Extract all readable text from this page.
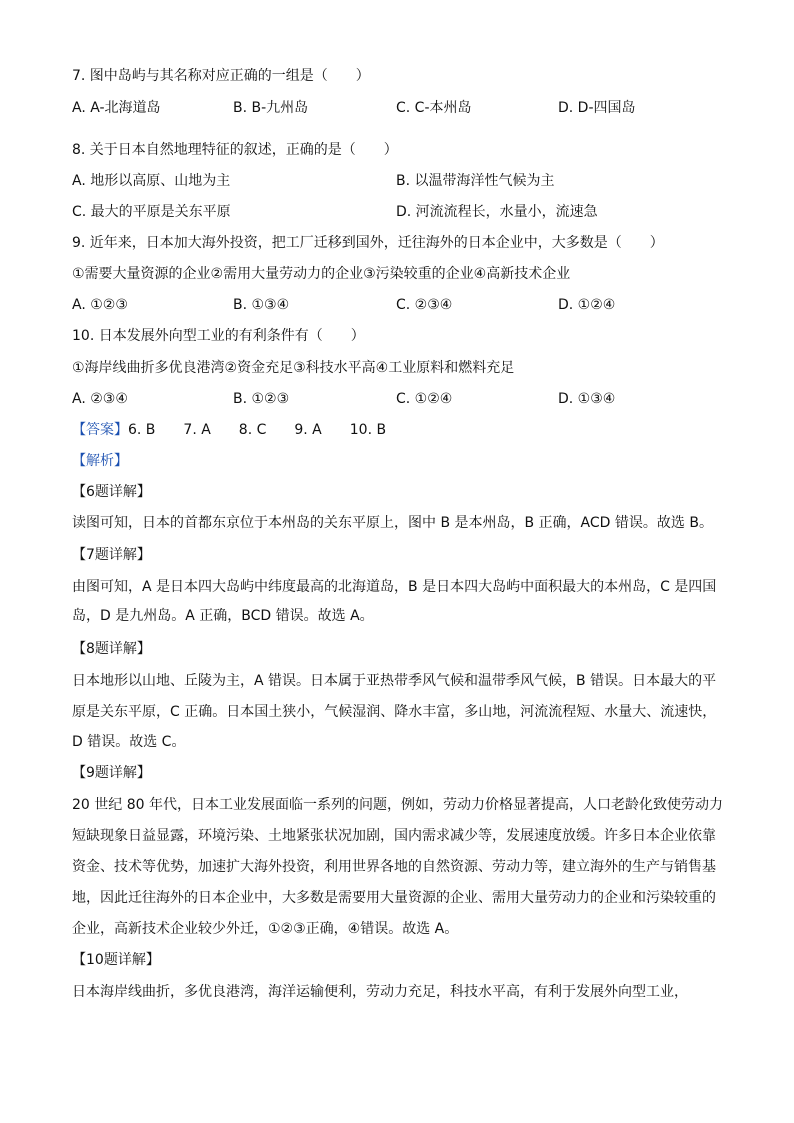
7. 图中岛屿与其名称对应正确的一组是（　　）
A. A-北海道岛	B. B-九州岛	C. C-本州岛	D. D-四国岛
8. 关于日本自然地理特征的叙述，正确的是（　　）
A. 地形以高原、山地为主	B. 以温带海洋性气候为主
C. 最大的平原是关东平原	D. 河流流程长，水量小，流速急
9. 近年来，日本加大海外投资，把工厂迁移到国外，迁往海外的日本企业中，大多数是（　　）
①需要大量资源的企业②需用大量劳动力的企业③污染较重的企业④高新技术企业
A. ①②③	B. ①③④	C. ②③④	D. ①②④
10. 日本发展外向型工业的有利条件有（　　）
①海岸线曲折多优良港湾②资金充足③科技水平高④工业原料和燃料充足
A. ②③④	B. ①②③	C. ①②④	D. ①③④
【答案】6. B　　7. A　　8. C　　9. A　　10. B
【解析】
【6题详解】
读图可知，日本的首都东京位于本州岛的关东平原上，图中 B 是本州岛，B 正确，ACD 错误。故选 B。
【7题详解】
由图可知，A 是日本四大岛屿中纬度最高的北海道岛，B 是日本四大岛屿中面积最大的本州岛，C 是四国
岛，D 是九州岛。A 正确，BCD 错误。故选 A。
【8题详解】
日本地形以山地、丘陵为主，A 错误。日本属于亚热带季风气候和温带季风气候，B 错误。日本最大的平
原是关东平原，C 正确。日本国土狭小，气候湿润、降水丰富，多山地，河流流程短、水量大、流速快，
D 错误。故选 C。
【9题详解】
20 世纪 80 年代，日本工业发展面临一系列的问题，例如，劳动力价格显著提高，人口老龄化致使劳动力
短缺现象日益显露，环境污染、土地紧张状况加剧，国内需求减少等，发展速度放缓。许多日本企业依靠
资金、技术等优势，加速扩大海外投资，利用世界各地的自然资源、劳动力等，建立海外的生产与销售基
地，因此迁往海外的日本企业中，大多数是需要用大量资源的企业、需用大量劳动力的企业和污染较重的
企业，高新技术企业较少外迁，①②③正确，④错误。故选 A。
【10题详解】
日本海岸线曲折，多优良港湾，海洋运输便利，劳动力充足，科技水平高，有利于发展外向型工业，
